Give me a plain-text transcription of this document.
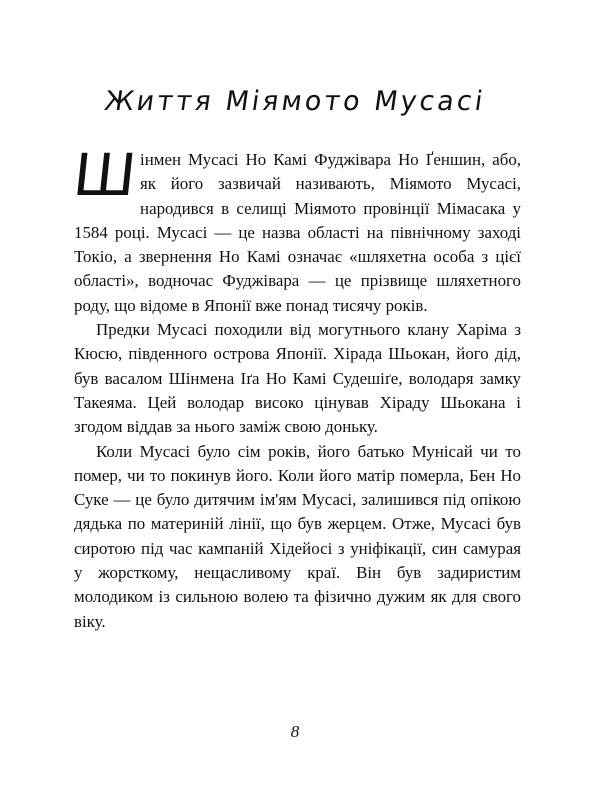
Життя Міямото Мусасі

Шінмен Мусасі Но Камі Фуджівара Но Ґеншин, або, як його зазвичай називають, Міямото Мусасі, народився в селищі Міямото провінції Мімасака у 1584 році. Мусасі — це назва області на північному заході Токіо, а звернення Но Камі означає «шляхетна особа з цієї області», водночас Фуджівара — це прізвище шляхетного роду, що відоме в Японії вже понад тисячу років.

Предки Мусасі походили від могутнього клану Харіма з Кюсю, південного острова Японії. Хірада Шьокан, його дід, був васалом Шінмена Іґа Но Камі Судешіґе, володаря замку Такеяма. Цей володар високо цінував Хіраду Шьокана і згодом віддав за нього заміж свою доньку.

Коли Мусасі було сім років, його батько Мунісай чи то помер, чи то покинув його. Коли його матір померла, Бен Но Суке — це було дитячим ім'ям Мусасі, залишився під опікою дядька по материній лінії, що був жерцем. Отже, Мусасі був сиротою під час кампаній Хідейосі з уніфікації, син самурая у жорсткому, нещасливому краї. Він був задиристим молодиком із сильною волею та фізично дужим як для свого віку.

8
